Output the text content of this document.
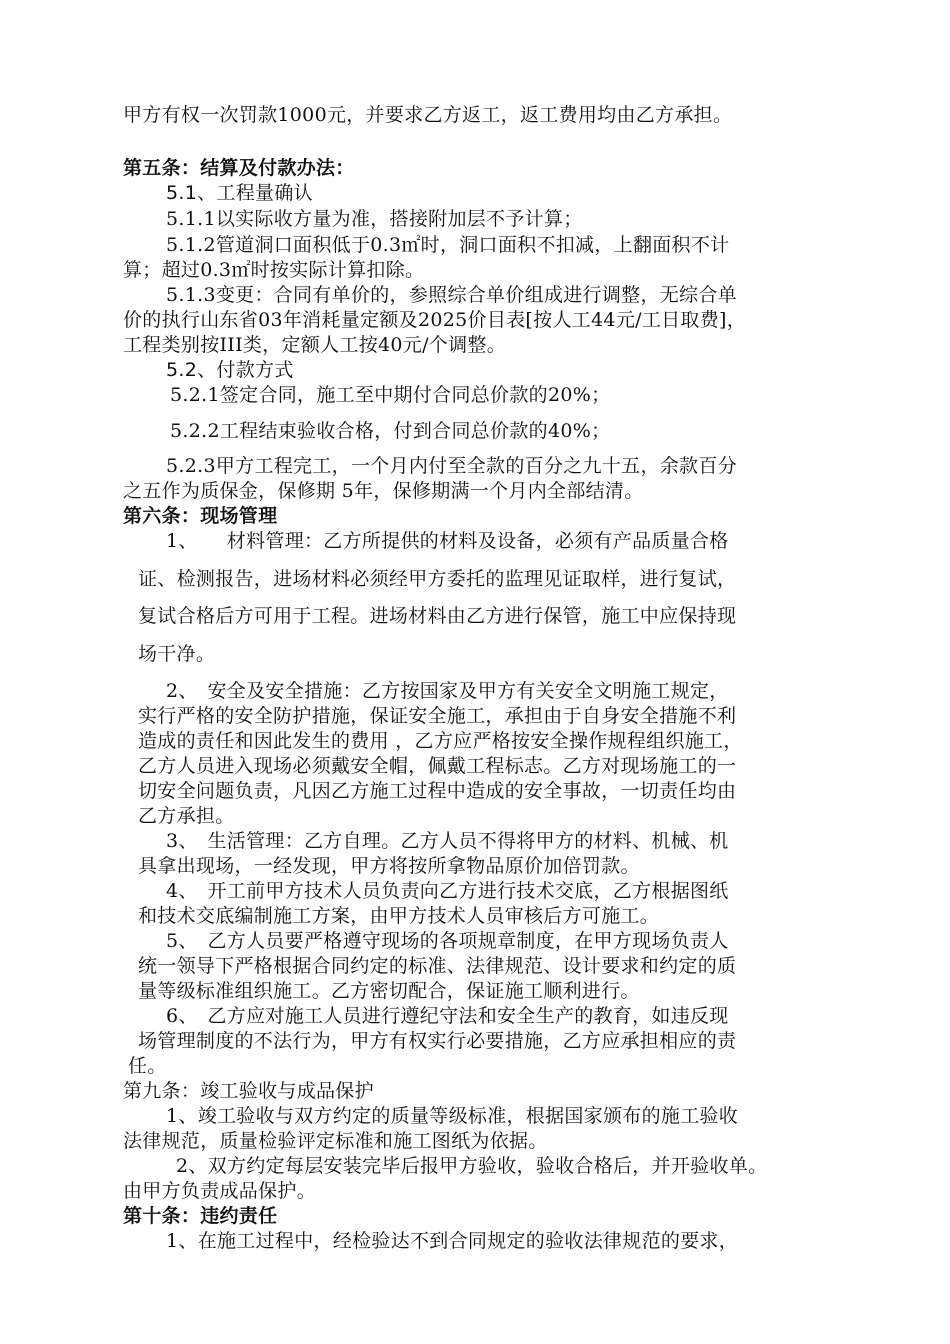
甲方有权一次罚款1000元，并要求乙方返工，返工费用均由乙方承担。
第五条：结算及付款办法：
5.1、工程量确认
5.1.1以实际收方量为准，搭接附加层不予计算；
5.1.2管道洞口面积低于0.3㎡时，洞口面积不扣减，上翻面积不计
算；超过0.3㎡时按实际计算扣除。
5.1.3变更：合同有单价的，参照综合单价组成进行调整，无综合单
价的执行山东省03年消耗量定额及2025价目表[按人工44元/工日取费]，
工程类别按III类，定额人工按40元/个调整。
5.2、付款方式
5.2.1签定合同，施工至中期付合同总价款的20%；
5.2.2工程结束验收合格，付到合同总价款的40%；
5.2.3甲方工程完工，一个月内付至全款的百分之九十五，余款百分
之五作为质保金，保修期 5年，保修期满一个月内全部结清。
第六条：现场管理
1、　　材料管理：乙方所提供的材料及设备，必须有产品质量合格
证、检测报告，进场材料必须经甲方委托的监理见证取样，进行复试，
复试合格后方可用于工程。进场材料由乙方进行保管，施工中应保持现
场干净。
2、　安全及安全措施：乙方按国家及甲方有关安全文明施工规定，
实行严格的安全防护措施，保证安全施工，承担由于自身安全措施不利
造成的责任和因此发生的费用 ，乙方应严格按安全操作规程组织施工，
乙方人员进入现场必须戴安全帽，佩戴工程标志。乙方对现场施工的一
切安全问题负责，凡因乙方施工过程中造成的安全事故，一切责任均由
乙方承担。
3、　生活管理：乙方自理。乙方人员不得将甲方的材料、机械、机
具拿出现场，一经发现，甲方将按所拿物品原价加倍罚款。
4、　开工前甲方技术人员负责向乙方进行技术交底，乙方根据图纸
和技术交底编制施工方案，由甲方技术人员审核后方可施工。
5、　乙方人员要严格遵守现场的各项规章制度，在甲方现场负责人
统一领导下严格根据合同约定的标准、法律规范、设计要求和约定的质
量等级标准组织施工。乙方密切配合，保证施工顺利进行。
6、　乙方应对施工人员进行遵纪守法和安全生产的教育，如违反现
场管理制度的不法行为，甲方有权实行必要措施，乙方应承担相应的责
任。
第九条：竣工验收与成品保护
1、竣工验收与双方约定的质量等级标准，根据国家颁布的施工验收
法律规范，质量检验评定标准和施工图纸为依据。
2、双方约定每层安装完毕后报甲方验收，验收合格后，并开验收单。
由甲方负责成品保护。
第十条：违约责任
1、在施工过程中，经检验达不到合同规定的验收法律规范的要求，
